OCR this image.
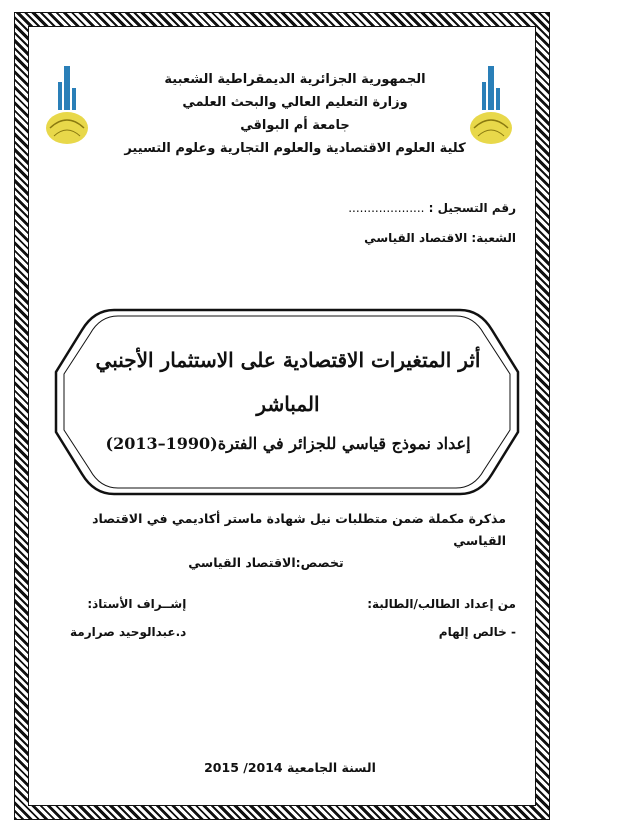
الجمهورية الجزائرية الديمقراطية الشعبية
وزارة التعليم العالي والبحث العلمي
جامعة أم البواقي
كلية العلوم الاقتصادية والعلوم التجارية وعلوم التسيير
رقم التسجيل : ....................
الشعبة: الاقتصاد القياسي
أثر المتغيرات الاقتصادية على الاستثمار الأجنبي المباشر
إعداد نموذج قياسي للجزائر في الفترة(1990–2013)
مذكرة مكملة ضمن متطلبات نيل شهادة ماستر أكاديمي في الاقتصاد القياسي
تخصص:الاقتصاد القياسي
من إعداد الطالب/الطالبة:
- خالص إلهام
إشــراف الأستاذ:
د.عبدالوحيد صرارمة
السنة الجامعية 2014/ 2015
